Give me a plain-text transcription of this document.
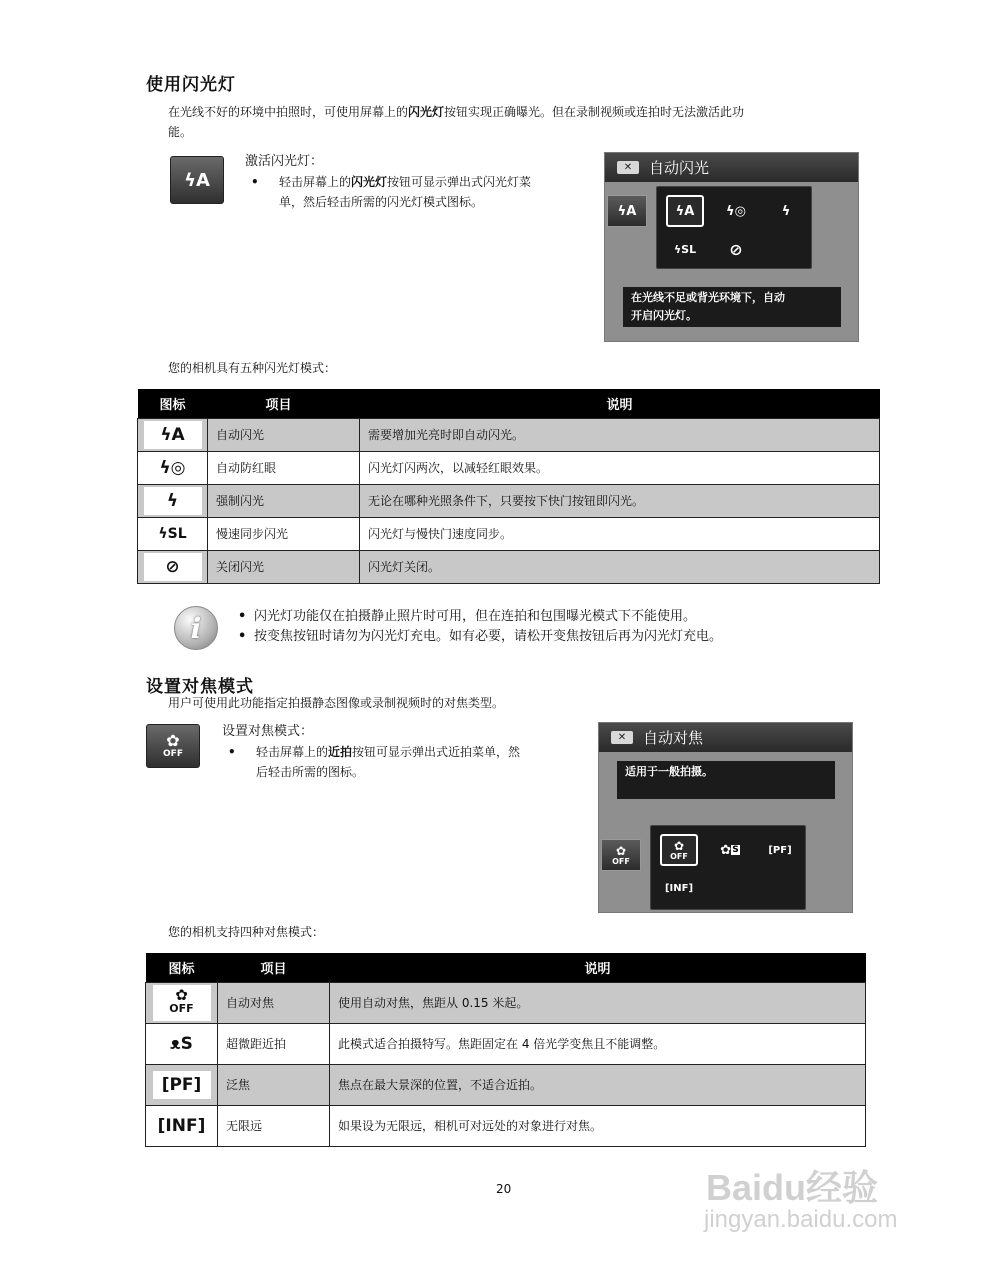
使用闪光灯
在光线不好的环境中拍照时，可使用屏幕上的闪光灯按钮实现正确曝光。但在录制视频或连拍时无法激活此功
能。
ϟA
激活闪光灯：
• 轻击屏幕上的闪光灯按钮可显示弹出式闪光灯菜
单，然后轻击所需的闪光灯模式图标。
✕	自动闪光
ϟA	ϟA	ϟ◎	ϟ
ϟSL	⊘
在光线不足或背光环境下，自动
开启闪光灯。
您的相机具有五种闪光灯模式：
图标	项目	说明
ϟA	自动闪光	需要增加光亮时即自动闪光。
ϟ◎	自动防红眼	闪光灯闪两次，以减轻红眼效果。
ϟ	强制闪光	无论在哪种光照条件下，只要按下快门按钮即闪光。
ϟSL	慢速同步闪光	闪光灯与慢快门速度同步。
⊘	关闭闪光	闪光灯关闭。
i	• 闪光灯功能仅在拍摄静止照片时可用，但在连拍和包围曝光模式下不能使用。
• 按变焦按钮时请勿为闪光灯充电。如有必要，请松开变焦按钮后再为闪光灯充电。
设置对焦模式
用户可使用此功能指定拍摄静态图像或录制视频时的对焦类型。
✿
OFF
设置对焦模式：
• 轻击屏幕上的近拍按钮可显示弹出式近拍菜单，然
后轻击所需的图标。
✕	自动对焦
适用于一般拍摄。
✿
OFF
✿
OFF ✿ S	[PF]
[INF]
您的相机支持四种对焦模式：
图标	项目	说明

✿
OFF	自动对焦	使用自动对焦，焦距从 0.15 米起。
ᴥS	超微距近拍	此模式适合拍摄特写。焦距固定在 4 倍光学变焦且不能调整。
[PF]	泛焦	焦点在最大景深的位置，不适合近拍。
[INF]	无限远	如果设为无限远，相机可对远处的对象进行对焦。
20	Baidu经验
jingyan.baidu.com
